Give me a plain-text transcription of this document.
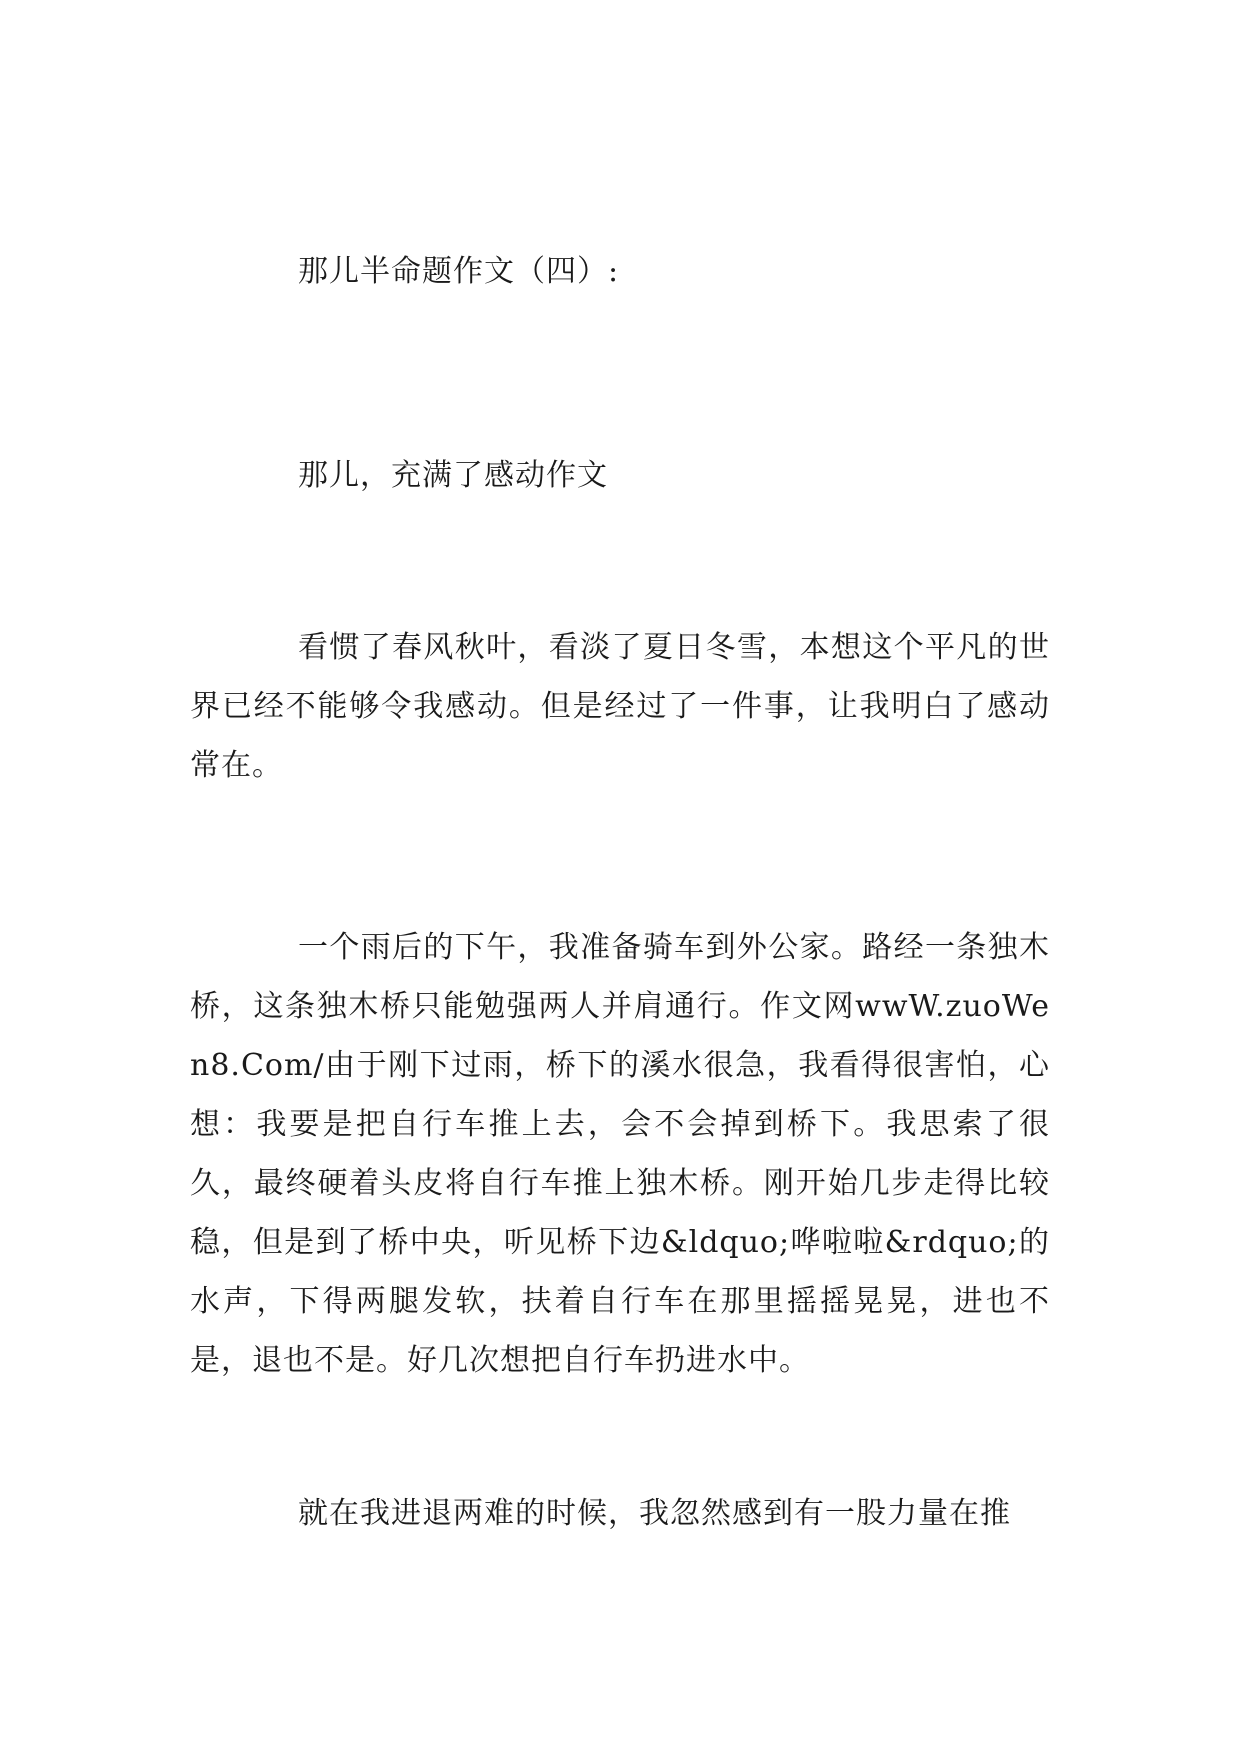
那儿半命题作文（四）:
那儿，充满了感动作文
看惯了春风秋叶，看淡了夏日冬雪，本想这个平凡的世界已经不能够令我感动。但是经过了一件事，让我明白了感动常在。
一个雨后的下午，我准备骑车到外公家。路经一条独木桥，这条独木桥只能勉强两人并肩通行。作文网wwW.zuoWen8.Com/由于刚下过雨，桥下的溪水很急，我看得很害怕，心想：我要是把自行车推上去，会不会掉到桥下。我思索了很久，最终硬着头皮将自行车推上独木桥。刚开始几步走得比较稳，但是到了桥中央，听见桥下边&ldquo;哗啦啦&rdquo;的水声，下得两腿发软，扶着自行车在那里摇摇晃晃，进也不是，退也不是。好几次想把自行车扔进水中。
就在我进退两难的时候，我忽然感到有一股力量在推
